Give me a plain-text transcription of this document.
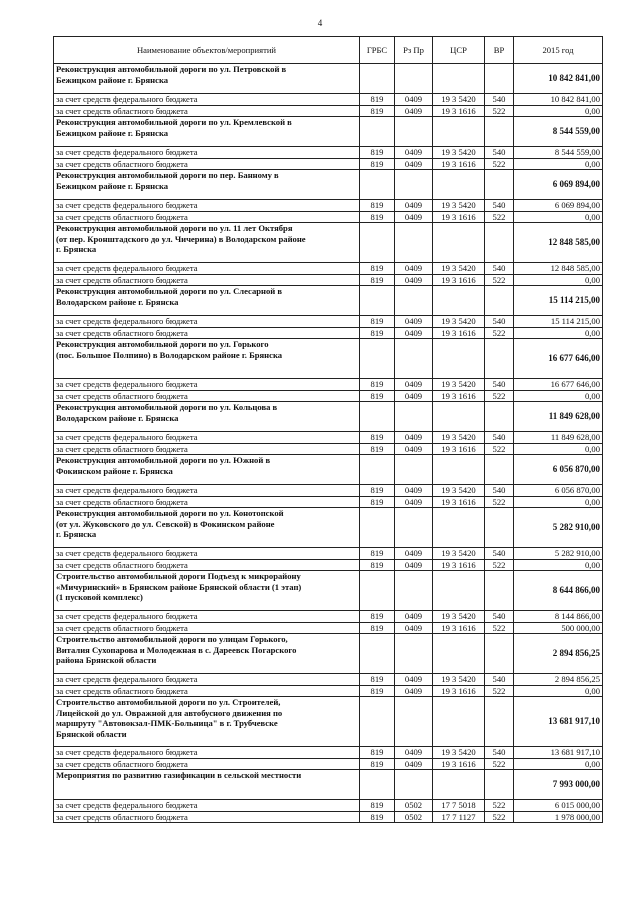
4
Наименование объектов/мероприятий	ГРБС	Рз Пр	ЦСР	ВР	2015 год
Реконструкция автомобильной дороги по ул. Петровской в
Бежицком районе г. Брянска					10 842 841,00
за счет средств федерального бюджета	819	0409	19 3 5420	540	10 842 841,00
за счет средств областного бюджета	819	0409	19 3 1616	522	0,00
Реконструкция автомобильной дороги по ул. Кремлевской в
Бежицком районе г. Брянска					8 544 559,00
за счет средств федерального бюджета	819	0409	19 3 5420	540	8 544 559,00
за счет средств областного бюджета	819	0409	19 3 1616	522	0,00
Реконструкция автомобильной дороги по пер. Банному в
Бежицком районе г. Брянска					6 069 894,00
за счет средств федерального бюджета	819	0409	19 3 5420	540	6 069 894,00
за счет средств областного бюджета	819	0409	19 3 1616	522	0,00
Реконструкция автомобильной дороги по ул. 11 лет Октября
(от пер. Кронштадского до ул. Чичерина) в Володарском районе
г. Брянска					12 848 585,00
за счет средств федерального бюджета	819	0409	19 3 5420	540	12 848 585,00
за счет средств областного бюджета	819	0409	19 3 1616	522	0,00
Реконструкция автомобильной дороги по ул. Слесарной в
Володарском районе г. Брянска					15 114 215,00
за счет средств федерального бюджета	819	0409	19 3 5420	540	15 114 215,00
за счет средств областного бюджета	819	0409	19 3 1616	522	0,00
Реконструкция автомобильной дороги по ул. Горького
(пос. Большое Полпино) в Володарском районе г. Брянска					16 677 646,00
за счет средств федерального бюджета	819	0409	19 3 5420	540	16 677 646,00
за счет средств областного бюджета	819	0409	19 3 1616	522	0,00
Реконструкция автомобильной дороги по ул. Кольцова в
Володарском районе г. Брянска					11 849 628,00
за счет средств федерального бюджета	819	0409	19 3 5420	540	11 849 628,00
за счет средств областного бюджета	819	0409	19 3 1616	522	0,00
Реконструкция автомобильной дороги по ул. Южной в
Фокинском районе г. Брянска					6 056 870,00
за счет средств федерального бюджета	819	0409	19 3 5420	540	6 056 870,00
за счет средств областного бюджета	819	0409	19 3 1616	522	0,00
Реконструкция автомобильной дороги по ул. Конотопской
(от ул. Жуковского до ул. Севской) в Фокинском районе
г. Брянска					5 282 910,00
за счет средств федерального бюджета	819	0409	19 3 5420	540	5 282 910,00
за счет средств областного бюджета	819	0409	19 3 1616	522	0,00
Строительство автомобильной дороги Подъезд к микрорайону
«Мичуринский» в Брянском районе Брянской области (1 этап)
(1 пусковой комплекс)					8 644 866,00
за счет средств федерального бюджета	819	0409	19 3 5420	540	8 144 866,00
за счет средств областного бюджета	819	0409	19 3 1616	522	500 000,00
Строительство автомобильной дороги по улицам Горького,
Виталия Сухопарова и Молодежная в с. Дарeевск Погарского
района Брянской области					2 894 856,25
за счет средств федерального бюджета	819	0409	19 3 5420	540	2 894 856,25
за счет средств областного бюджета	819	0409	19 3 1616	522	0,00
Строительство автомобильной дороги по ул. Строителей,
Лицейской до ул. Овражной для автобусного движения по
маршруту "Автовокзал-ПМК-Больница" в г. Трубчевске
Брянской области					13 681 917,10
за счет средств федерального бюджета	819	0409	19 3 5420	540	13 681 917,10
за счет средств областного бюджета	819	0409	19 3 1616	522	0,00
Мероприятия по развитию газификации в сельской местности					7 993 000,00
за счет средств федерального бюджета	819	0502	17 7 5018	522	6 015 000,00
за счет средств областного бюджета	819	0502	17 7 1127	522	1 978 000,00
